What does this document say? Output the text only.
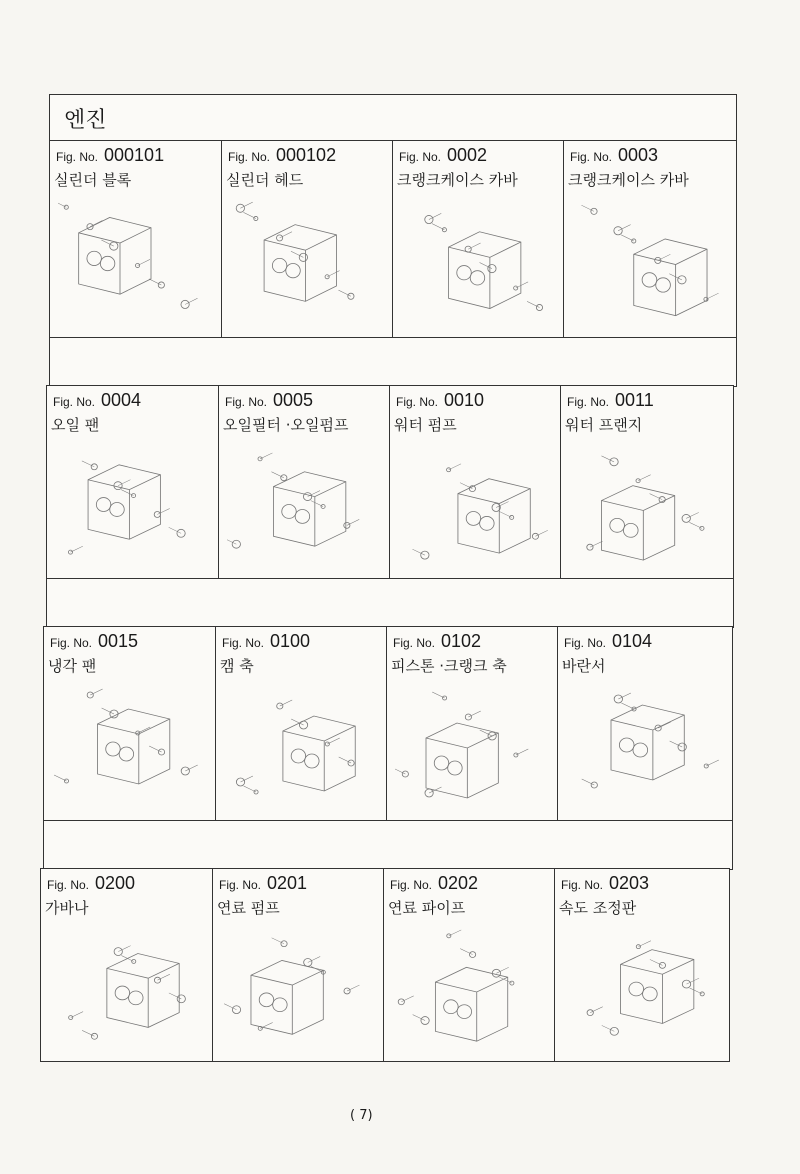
엔진
Fig. No. 000101
실린더 블록
Fig. No. 000102
실린더 헤드
Fig. No. 0002
크랭크케이스 카바
Fig. No. 0003
크랭크케이스 카바
Fig. No. 0004
오일 팬
Fig. No. 0005
오일필터 ·오일펌프
Fig. No. 0010
워터 펌프
Fig. No. 0011
워터 프랜지
Fig. No. 0015
냉각 팬
Fig. No. 0100
캠 축
Fig. No. 0102
피스톤 ·크랭크 축
Fig. No. 0104
바란서
Fig. No. 0200
가바나
Fig. No. 0201
연료 펌프
Fig. No. 0202
연료 파이프
Fig. No. 0203
속도 조정판
( 7)
